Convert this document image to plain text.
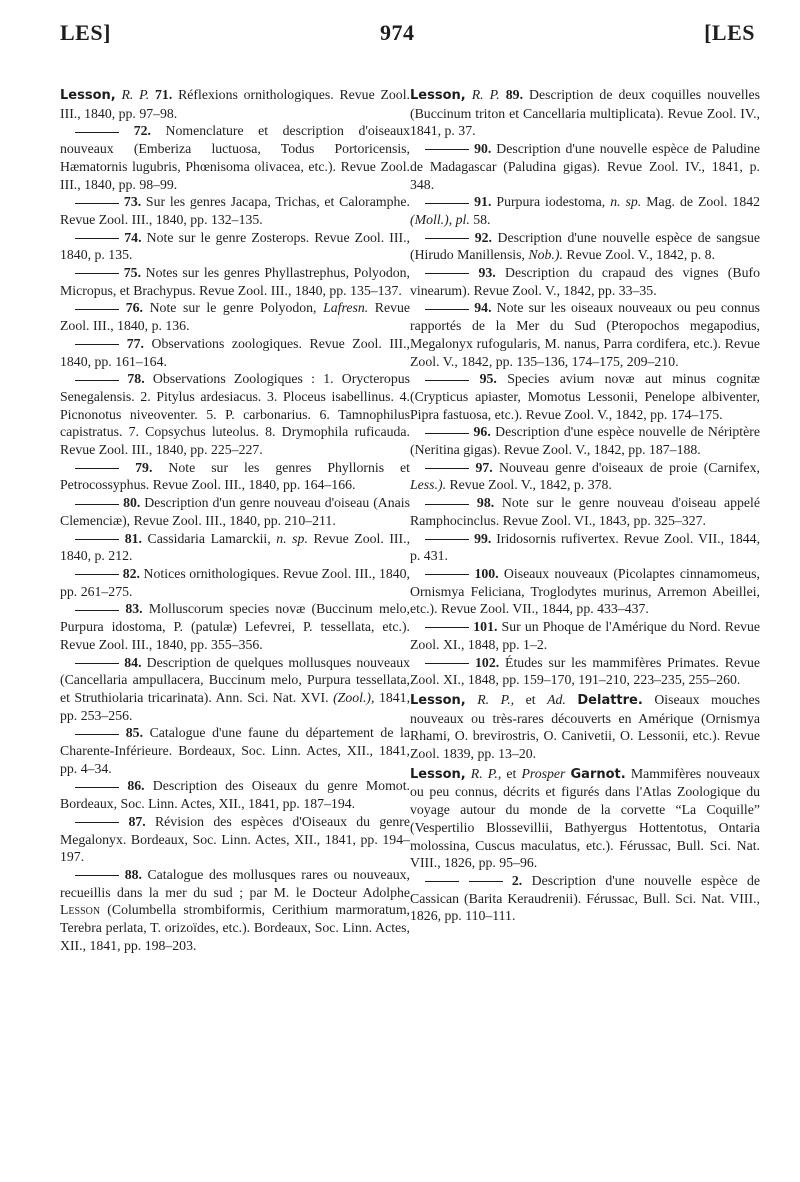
LES]	974	[LES
Lesson, R. P. 71. Réflexions ornithologiques. Revue Zool. III., 1840, pp. 97–98.
72. Nomenclature et description d'oiseaux nouveaux (Emberiza luctuosa, Todus Portoricensis, Hæmatornis lugubris, Phœnisoma olivacea, etc.). Revue Zool. III., 1840, pp. 98–99.
73. Sur les genres Jacapa, Trichas, et Caloramphe. Revue Zool. III., 1840, pp. 132–135.
74. Note sur le genre Zosterops. Revue Zool. III., 1840, p. 135.
75. Notes sur les genres Phyllastrephus, Polyodon, Micropus, et Brachypus. Revue Zool. III., 1840, pp. 135–137.
76. Note sur le genre Polyodon, Lafresn. Revue Zool. III., 1840, p. 136.
77. Observations zoologiques. Revue Zool. III., 1840, pp. 161–164.
78. Observations Zoologiques : 1. Orycteropus Senegalensis. 2. Pitylus ardesiacus. 3. Ploceus isabellinus. 4. Picnonotus niveoventer. 5. P. carbonarius. 6. Tamnophilus capistratus. 7. Copsychus luteolus. 8. Drymophila ruficauda. Revue Zool. III., 1840, pp. 225–227.
79. Note sur les genres Phyllornis et Petrocossyphus. Revue Zool. III., 1840, pp. 164–166.
80. Description d'un genre nouveau d'oiseau (Anais Clemenciæ), Revue Zool. III., 1840, pp. 210–211.
81. Cassidaria Lamarckii, n. sp. Revue Zool. III., 1840, p. 212.
82. Notices ornithologiques. Revue Zool. III., 1840, pp. 261–275.
83. Molluscorum species novæ (Buccinum melo, Purpura idostoma, P. (patulæ) Lefevrei, P. tessellata, etc.). Revue Zool. III., 1840, pp. 355–356.
84. Description de quelques mollusques nouveaux (Cancellaria ampullacera, Buccinum melo, Purpura tessellata, et Struthiolaria tricarinata). Ann. Sci. Nat. XVI. (Zool.), 1841, pp. 253–256.
85. Catalogue d'une faune du département de la Charente-Inférieure. Bordeaux, Soc. Linn. Actes, XII., 1841, pp. 4–34.
86. Description des Oiseaux du genre Momot. Bordeaux, Soc. Linn. Actes, XII., 1841, pp. 187–194.
87. Révision des espèces d'Oiseaux du genre Megalonyx. Bordeaux, Soc. Linn. Actes, XII., 1841, pp. 194–197.
88. Catalogue des mollusques rares ou nouveaux, recueillis dans la mer du sud ; par M. le Docteur Adolphe Lesson (Columbella strombiformis, Cerithium marmoratum, Terebra perlata, T. orizoïdes, etc.). Bordeaux, Soc. Linn. Actes, XII., 1841, pp. 198–203.
Lesson, R. P. 89. Description de deux coquilles nouvelles (Buccinum triton et Cancellaria multiplicata). Revue Zool. IV., 1841, p. 37.
90. Description d'une nouvelle espèce de Paludine de Madagascar (Paludina gigas). Revue Zool. IV., 1841, p. 348.
91. Purpura iodestoma, n. sp. Mag. de Zool. 1842 (Moll.), pl. 58.
92. Description d'une nouvelle espèce de sangsue (Hirudo Manillensis, Nob.). Revue Zool. V., 1842, p. 8.
93. Description du crapaud des vignes (Bufo vinearum). Revue Zool. V., 1842, pp. 33–35.
94. Note sur les oiseaux nouveaux ou peu connus rapportés de la Mer du Sud (Pteropochos megapodius, Megalonyx rufogularis, M. nanus, Parra cordifera, etc.). Revue Zool. V., 1842, pp. 135–136, 174–175, 209–210.
95. Species avium novæ aut minus cognitæ (Crypticus apiaster, Momotus Lessonii, Penelope albiventer, Pipra fastuosa, etc.). Revue Zool. V., 1842, pp. 174–175.
96. Description d'une espèce nouvelle de Nériptère (Neritina gigas). Revue Zool. V., 1842, pp. 187–188.
97. Nouveau genre d'oiseaux de proie (Carnifex, Less.). Revue Zool. V., 1842, p. 378.
98. Note sur le genre nouveau d'oiseau appelé Ramphocinclus. Revue Zool. VI., 1843, pp. 325–327.
99. Iridosornis rufivertex. Revue Zool. VII., 1844, p. 431.
100. Oiseaux nouveaux (Picolaptes cinnamomeus, Ornismya Feliciana, Troglodytes murinus, Arremon Abeillei, etc.). Revue Zool. VII., 1844, pp. 433–437.
101. Sur un Phoque de l'Amérique du Nord. Revue Zool. XI., 1848, pp. 1–2.
102. Études sur les mammifères Primates. Revue Zool. XI., 1848, pp. 159–170, 191–210, 223–235, 255–260.
Lesson, R. P., et Ad. Delattre. Oiseaux mouches nouveaux ou très-rares découverts en Amérique (Ornismya Rhami, O. brevirostris, O. Canivetii, O. Lessonii, etc.). Revue Zool. 1839, pp. 13–20.
Lesson, R. P., et Prosper Garnot. Mammifères nouveaux ou peu connus, décrits et figurés dans l'Atlas Zoologique du voyage autour du monde de la corvette “La Coquille” (Vespertilio Blossevillii, Bathyergus Hottentotus, Ontaria molossina, Cuscus maculatus, etc.). Férussac, Bull. Sci. Nat. VIII., 1826, pp. 95–96.
2. Description d'une nouvelle espèce de Cassican (Barita Keraudrenii). Férussac, Bull. Sci. Nat. VIII., 1826, pp. 110–111.
